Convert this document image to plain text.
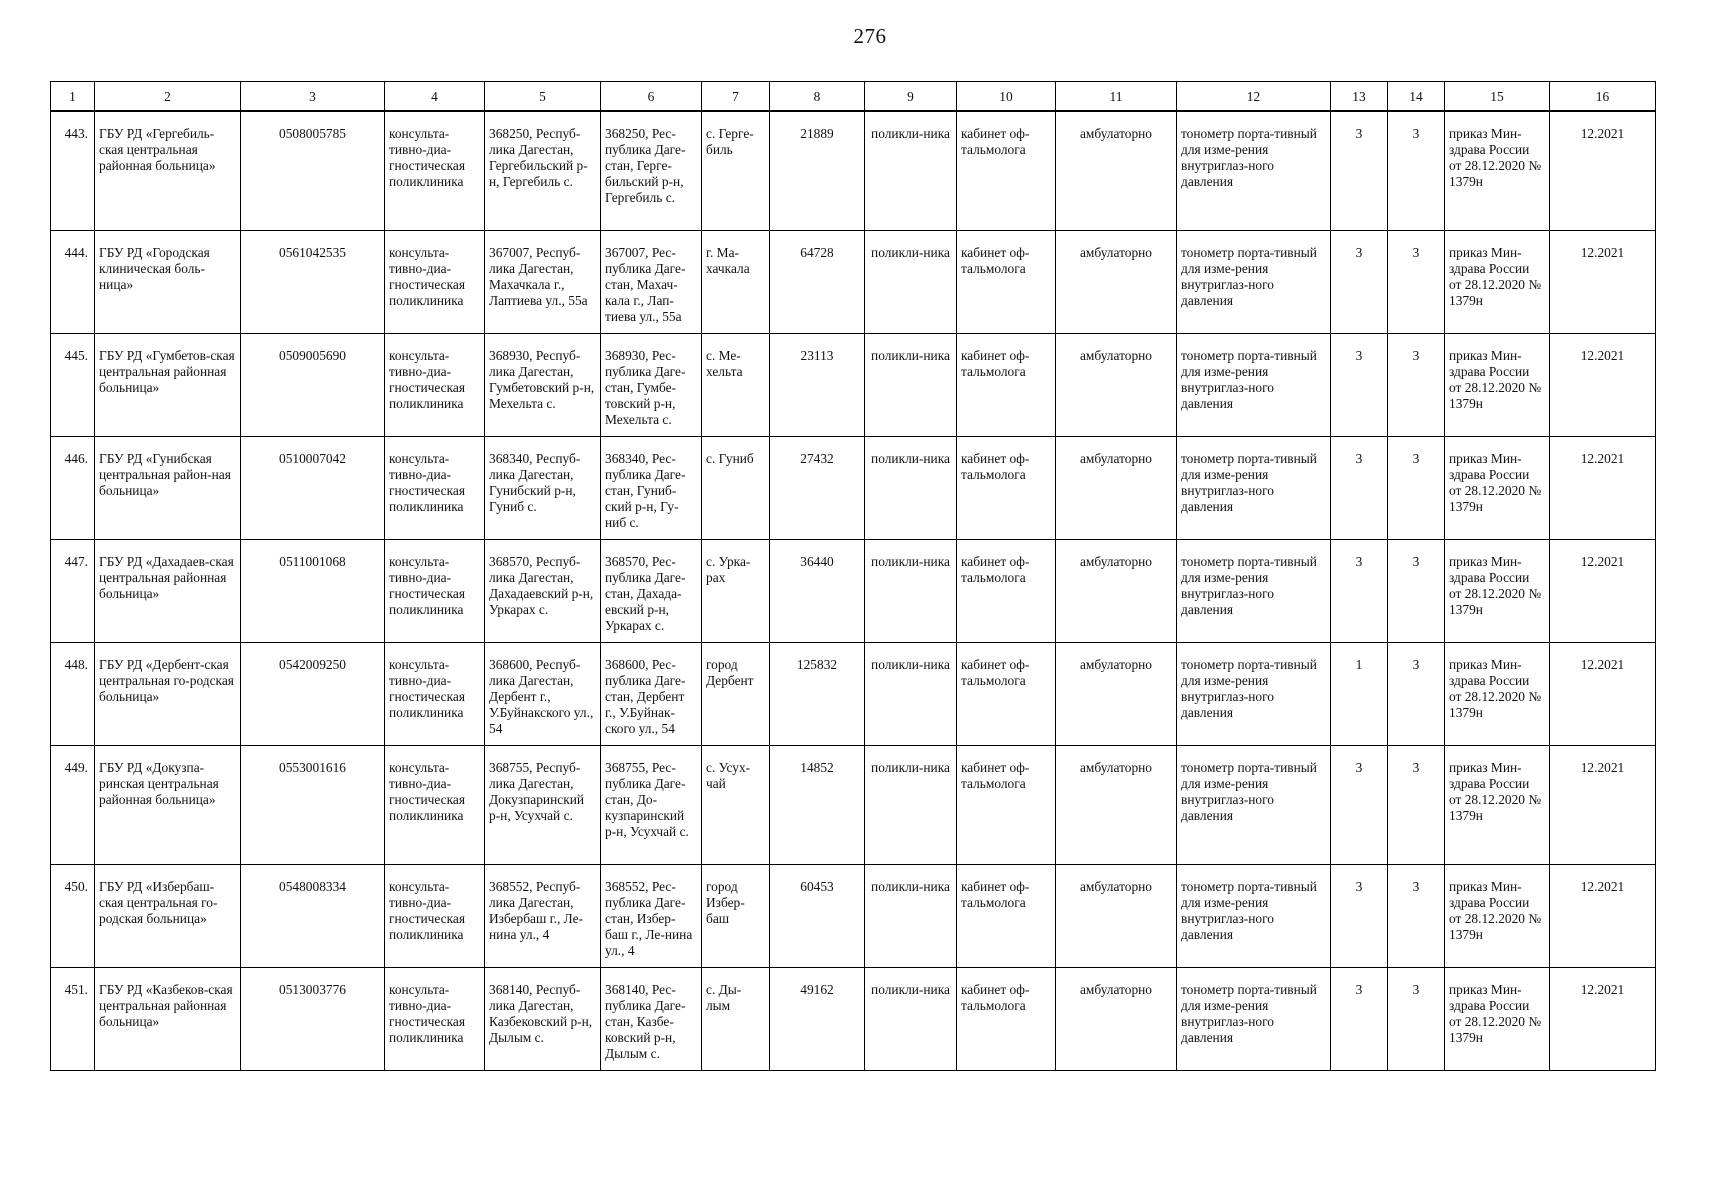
276
1	2	3	4	5	6	7	8	9	10	11	12	13	14	15	16
443.	ГБУ РД «Гергебиль-ская центральная районная больница»	0508005785	консульта-тивно-диа-гностическая поликлиника	368250, Респуб-лика Дагестан, Гергебильский р-н, Гергебиль с.	368250, Рес-публика Даге-стан, Герге-бильский р-н, Гергебиль с.	с. Герге-биль	21889	поликли-ника	кабинет оф-тальмолога	амбулаторно	тонометр порта-тивный для изме-рения внутриглаз-ного давления	3	3	приказ Мин-здрава России от 28.12.2020 № 1379н	12.2021
444.	ГБУ РД «Городская клиническая боль-ница»	0561042535	консульта-тивно-диа-гностическая поликлиника	367007, Респуб-лика Дагестан, Махачкала г., Лаптиева ул., 55а	367007, Рес-публика Даге-стан, Махач-кала г., Лап-тиева ул., 55а	г. Ма-хачкала	64728	поликли-ника	кабинет оф-тальмолога	амбулаторно	тонометр порта-тивный для изме-рения внутриглаз-ного давления	3	3	приказ Мин-здрава России от 28.12.2020 № 1379н	12.2021
445.	ГБУ РД «Гумбетов-ская центральная районная больница»	0509005690	консульта-тивно-диа-гностическая поликлиника	368930, Респуб-лика Дагестан, Гумбетовский р-н, Мехельта с.	368930, Рес-публика Даге-стан, Гумбе-товский р-н, Мехельта с.	с. Ме-хельта	23113	поликли-ника	кабинет оф-тальмолога	амбулаторно	тонометр порта-тивный для изме-рения внутриглаз-ного давления	3	3	приказ Мин-здрава России от 28.12.2020 № 1379н	12.2021
446.	ГБУ РД «Гунибская центральная район-ная больница»	0510007042	консульта-тивно-диа-гностическая поликлиника	368340, Респуб-лика Дагестан, Гунибский р-н, Гуниб с.	368340, Рес-публика Даге-стан, Гуниб-ский р-н, Гу-ниб с.	с. Гуниб	27432	поликли-ника	кабинет оф-тальмолога	амбулаторно	тонометр порта-тивный для изме-рения внутриглаз-ного давления	3	3	приказ Мин-здрава России от 28.12.2020 № 1379н	12.2021
447.	ГБУ РД «Дахадаев-ская центральная районная больница»	0511001068	консульта-тивно-диа-гностическая поликлиника	368570, Респуб-лика Дагестан, Дахадаевский р-н, Уркарах с.	368570, Рес-публика Даге-стан, Дахада-евский р-н, Уркарах с.	с. Урка-рах	36440	поликли-ника	кабинет оф-тальмолога	амбулаторно	тонометр порта-тивный для изме-рения внутриглаз-ного давления	3	3	приказ Мин-здрава России от 28.12.2020 № 1379н	12.2021
448.	ГБУ РД «Дербент-ская центральная го-родская больница»	0542009250	консульта-тивно-диа-гностическая поликлиника	368600, Респуб-лика Дагестан, Дербент г., У.Буйнакского ул., 54	368600, Рес-публика Даге-стан, Дербент г., У.Буйнак-ского ул., 54	город Дербент	125832	поликли-ника	кабинет оф-тальмолога	амбулаторно	тонометр порта-тивный для изме-рения внутриглаз-ного давления	1	3	приказ Мин-здрава России от 28.12.2020 № 1379н	12.2021
449.	ГБУ РД «Докузпа-ринская центральная районная больница»	0553001616	консульта-тивно-диа-гностическая поликлиника	368755, Респуб-лика Дагестан, Докузпаринский р-н, Усухчай с.	368755, Рес-публика Даге-стан, До-кузпаринский р-н, Усухчай с.	с. Усух-чай	14852	поликли-ника	кабинет оф-тальмолога	амбулаторно	тонометр порта-тивный для изме-рения внутриглаз-ного давления	3	3	приказ Мин-здрава России от 28.12.2020 № 1379н	12.2021
450.	ГБУ РД «Избербаш-ская центральная го-родская больница»	0548008334	консульта-тивно-диа-гностическая поликлиника	368552, Респуб-лика Дагестан, Избербаш г., Ле-нина ул., 4	368552, Рес-публика Даге-стан, Избер-баш г., Ле-нина ул., 4	город Избер-баш	60453	поликли-ника	кабинет оф-тальмолога	амбулаторно	тонометр порта-тивный для изме-рения внутриглаз-ного давления	3	3	приказ Мин-здрава России от 28.12.2020 № 1379н	12.2021
451.	ГБУ РД «Казбеков-ская центральная районная больница»	0513003776	консульта-тивно-диа-гностическая поликлиника	368140, Респуб-лика Дагестан, Казбековский р-н, Дылым с.	368140, Рес-публика Даге-стан, Казбе-ковский р-н, Дылым с.	с. Ды-лым	49162	поликли-ника	кабинет оф-тальмолога	амбулаторно	тонометр порта-тивный для изме-рения внутриглаз-ного давления	3	3	приказ Мин-здрава России от 28.12.2020 № 1379н	12.2021
